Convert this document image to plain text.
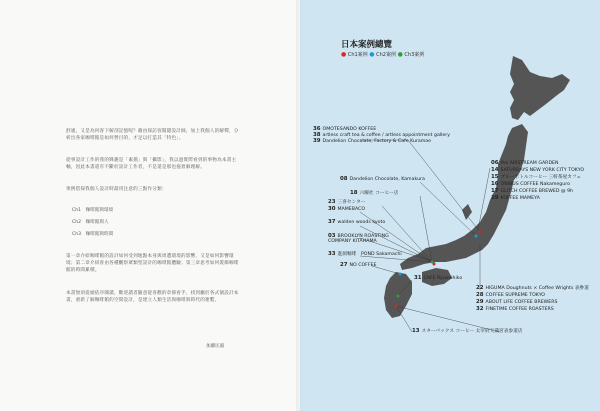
舒適，又是為何客下解剖記憶呢？藉由探訪客開闊設計師，加上我個人的解釋，分析出各家咖啡館是如何營目的，才足以打造其「特色」。
從事設計工作的我的興趣是「素描」與「攝影」，我以過實際看到的事物為本書主軸，因此本書還有不斷於設計工作者，不是還是那也拖着解理解。
果例借探我個人設計時最用注意的三點作分類：
Ch1　咖啡館與環境
Ch2　咖啡館與人
Ch3　咖啡館與時間
第一章介紹咖啡館的設計如何受到地點本身與周遭環境的影響，又是如何影響環境；第二章介紹客由各種觀察眾類型設計的咖啡館體驗；第三章思考如何裝飾咖啡館的時間累積。
本書無須從頭依序閱讀，歡迎讀者隨意從喜歡的章節看手，找到屬於各式個設計本書，重新了解咖啡館的空間設計，是建立人類生活與咖啡與時代的連繫。
加藤匡毅
日本案例總覽
● Ch1案例 ● Ch2案例 ● Ch3案例
36 OMOTESANDO KOFFEE
38 artless craft tea & coffee / artless appointment gallery
39 Dandelion Chocolate, Factory & Cafe Kuramae
08 Dandelion Chocolate, Kamakura
18 六曜社 コーヒー店
23 三喜センター
30 MAMEBACO
37 walden woods kyoto
03 BROOKLYN ROASTING COMPANY KITAHAMA
33 進洞咖啡　POND Sakamachi
27 NO COFFEE
31 CAFE Ryuseihiko
06 the AIRSTREAM GARDEN
14 SATURDAYS NEW YORK CITY TOKYO
15 ブルーボトルコーヒー 三軒茶屋カフェ
16 ONIBUS COFFEE Nakameguro
17 GLITCH COFFEE BREWED @ 9h
19 KOFFEE MAMEYA
22 HIGUMA Doughnuts × Coffee Wrights 表參道
28 COFFEE SUPREME TOKYO
29 ABOUT LIFE COFFEE BREWERS
32 FINETIME COFFEE ROASTERS
13 スターバックス コーヒー 太宰府天満宮表参道店
